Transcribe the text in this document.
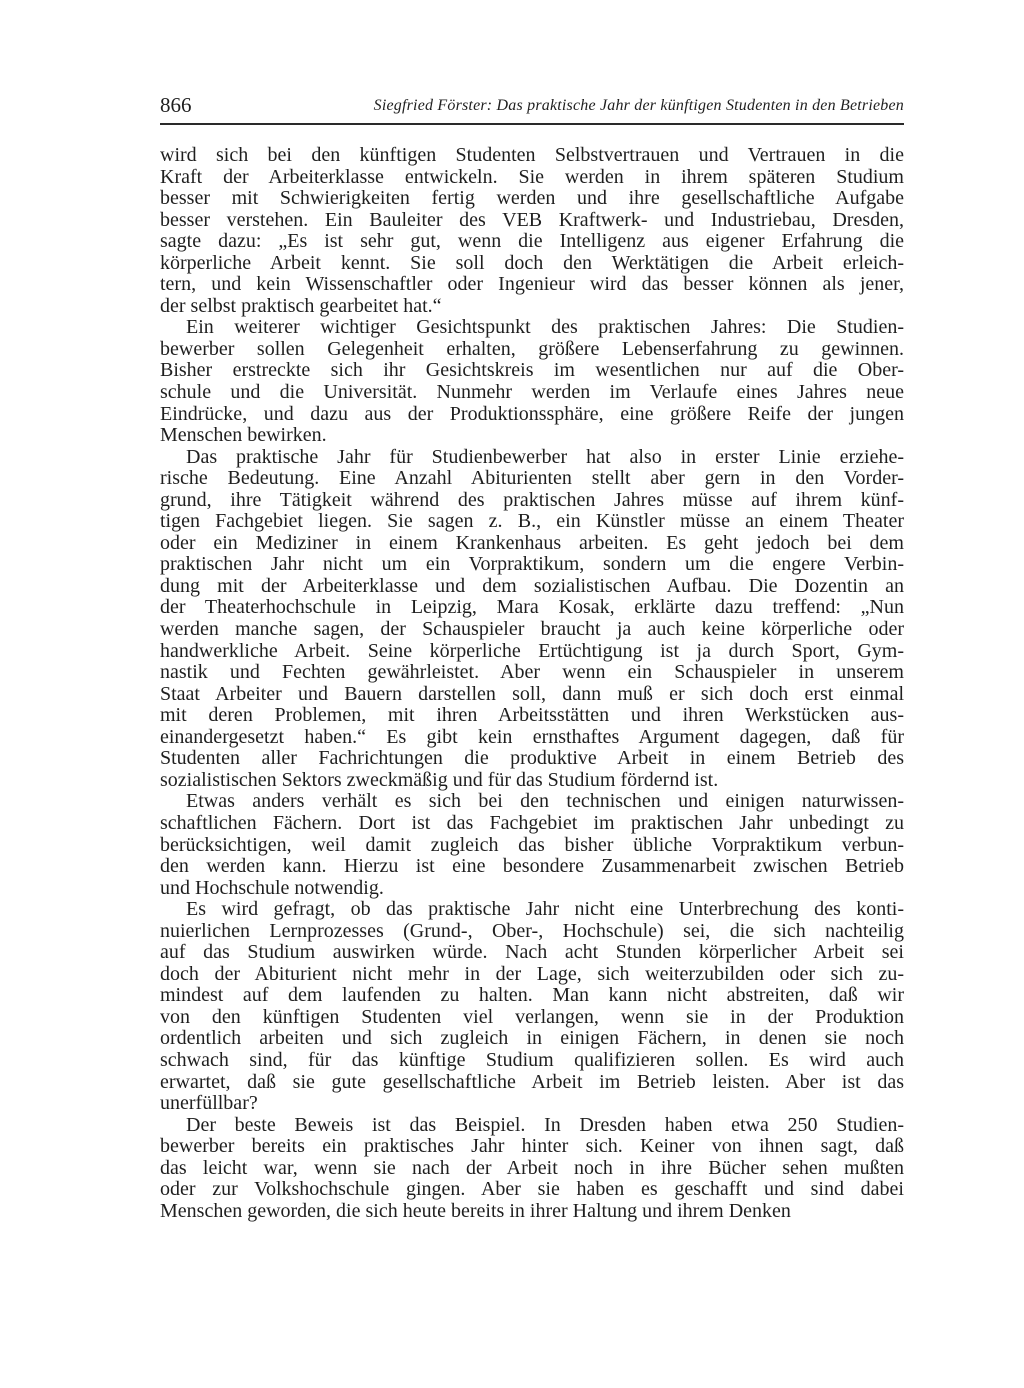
866	Siegfried Förster: Das praktische Jahr der künftigen Studenten in den Betrieben
wird sich bei den künftigen Studenten Selbstvertrauen und Vertrauen in die
Kraft der Arbeiterklasse entwickeln. Sie werden in ihrem späteren Studium
besser mit Schwierigkeiten fertig werden und ihre gesellschaftliche Aufgabe
besser verstehen. Ein Bauleiter des VEB Kraftwerk- und Industriebau, Dresden,
sagte dazu: „Es ist sehr gut, wenn die Intelligenz aus eigener Erfahrung die
körperliche Arbeit kennt. Sie soll doch den Werktätigen die Arbeit erleich-
tern, und kein Wissenschaftler oder Ingenieur wird das besser können als jener,
der selbst praktisch gearbeitet hat.“
Ein weiterer wichtiger Gesichtspunkt des praktischen Jahres: Die Studien-
bewerber sollen Gelegenheit erhalten, größere Lebenserfahrung zu gewinnen.
Bisher erstreckte sich ihr Gesichtskreis im wesentlichen nur auf die Ober-
schule und die Universität. Nunmehr werden im Verlaufe eines Jahres neue
Eindrücke, und dazu aus der Produktionssphäre, eine größere Reife der jungen
Menschen bewirken.
Das praktische Jahr für Studienbewerber hat also in erster Linie erziehe-
rische Bedeutung. Eine Anzahl Abiturienten stellt aber gern in den Vorder-
grund, ihre Tätigkeit während des praktischen Jahres müsse auf ihrem künf-
tigen Fachgebiet liegen. Sie sagen z. B., ein Künstler müsse an einem Theater
oder ein Mediziner in einem Krankenhaus arbeiten. Es geht jedoch bei dem
praktischen Jahr nicht um ein Vorpraktikum, sondern um die engere Verbin-
dung mit der Arbeiterklasse und dem sozialistischen Aufbau. Die Dozentin an
der Theaterhochschule in Leipzig, Mara Kosak, erklärte dazu treffend: „Nun
werden manche sagen, der Schauspieler braucht ja auch keine körperliche oder
handwerkliche Arbeit. Seine körperliche Ertüchtigung ist ja durch Sport, Gym-
nastik und Fechten gewährleistet. Aber wenn ein Schauspieler in unserem
Staat Arbeiter und Bauern darstellen soll, dann muß er sich doch erst einmal
mit deren Problemen, mit ihren Arbeitsstätten und ihren Werkstücken aus-
einandergesetzt haben.“ Es gibt kein ernsthaftes Argument dagegen, daß für
Studenten aller Fachrichtungen die produktive Arbeit in einem Betrieb des
sozialistischen Sektors zweckmäßig und für das Studium fördernd ist.
Etwas anders verhält es sich bei den technischen und einigen naturwissen-
schaftlichen Fächern. Dort ist das Fachgebiet im praktischen Jahr unbedingt zu
berücksichtigen, weil damit zugleich das bisher übliche Vorpraktikum verbun-
den werden kann. Hierzu ist eine besondere Zusammenarbeit zwischen Betrieb
und Hochschule notwendig.
Es wird gefragt, ob das praktische Jahr nicht eine Unterbrechung des konti-
nuierlichen Lernprozesses (Grund-, Ober-, Hochschule) sei, die sich nachteilig
auf das Studium auswirken würde. Nach acht Stunden körperlicher Arbeit sei
doch der Abiturient nicht mehr in der Lage, sich weiterzubilden oder sich zu-
mindest auf dem laufenden zu halten. Man kann nicht abstreiten, daß wir
von den künftigen Studenten viel verlangen, wenn sie in der Produktion
ordentlich arbeiten und sich zugleich in einigen Fächern, in denen sie noch
schwach sind, für das künftige Studium qualifizieren sollen. Es wird auch
erwartet, daß sie gute gesellschaftliche Arbeit im Betrieb leisten. Aber ist das
unerfüllbar?
Der beste Beweis ist das Beispiel. In Dresden haben etwa 250 Studien-
bewerber bereits ein praktisches Jahr hinter sich. Keiner von ihnen sagt, daß
das leicht war, wenn sie nach der Arbeit noch in ihre Bücher sehen mußten
oder zur Volkshochschule gingen. Aber sie haben es geschafft und sind dabei
Menschen geworden, die sich heute bereits in ihrer Haltung und ihrem Denken
